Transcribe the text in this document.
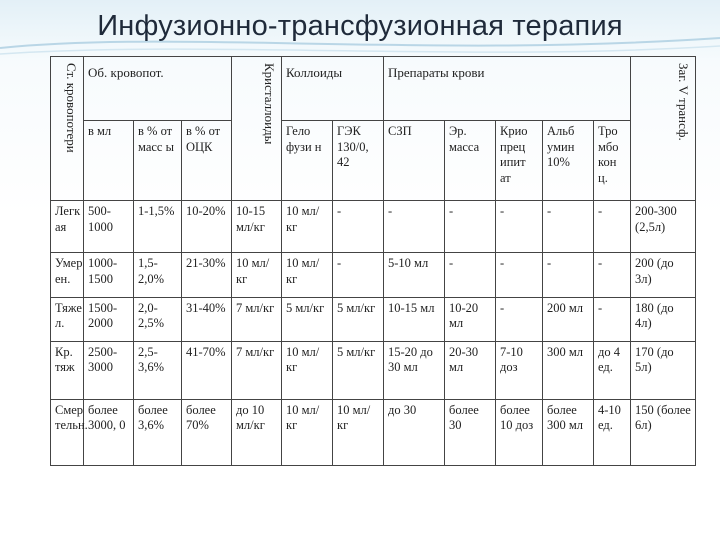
Инфузионно-трансфузионная терапия
Ст. кровопотери	Об. кровопот.			Кристаллоиды	Коллоиды		Препараты крови					Заг. V трансф.
	в мл	в % от масс ы	в % от ОЦК		Гело фузи н	ГЭК 130/0, 42	СЗП	Эр. масса	Крио прец ипит ат	Альб умин 10%	Тро мбо кон ц.	
Легк ая	500-1000	1-1,5%	10-20%	10-15 мл/кг	10 мл/кг	-	-	-	-	-	-	200-300 (2,5л)
Умер ен.	1000-1500	1,5-2,0%	21-30%	10 мл/кг	10 мл/кг	-	5-10 мл	-	-	-	-	200 (до 3л)
Тяже л.	1500-2000	2,0-2,5%	31-40%	7 мл/кг	5 мл/кг	5 мл/кг	10-15 мл	10-20 мл	-	200 мл	-	180 (до 4л)
Кр. тяж	2500-3000	2,5-3,6%	41-70%	7 мл/кг	10 мл/кг	5 мл/кг	15-20 до 30 мл	20-30 мл	7-10 доз	300 мл	до 4 ед.	170 (до 5л)
Смер тельн.	более 3000, 0	более 3,6%	более 70%	до 10 мл/кг	10 мл/кг	10 мл/кг	до 30	более 30	более 10 доз	более 300 мл	4-10 ед.	150 (более 6л)
